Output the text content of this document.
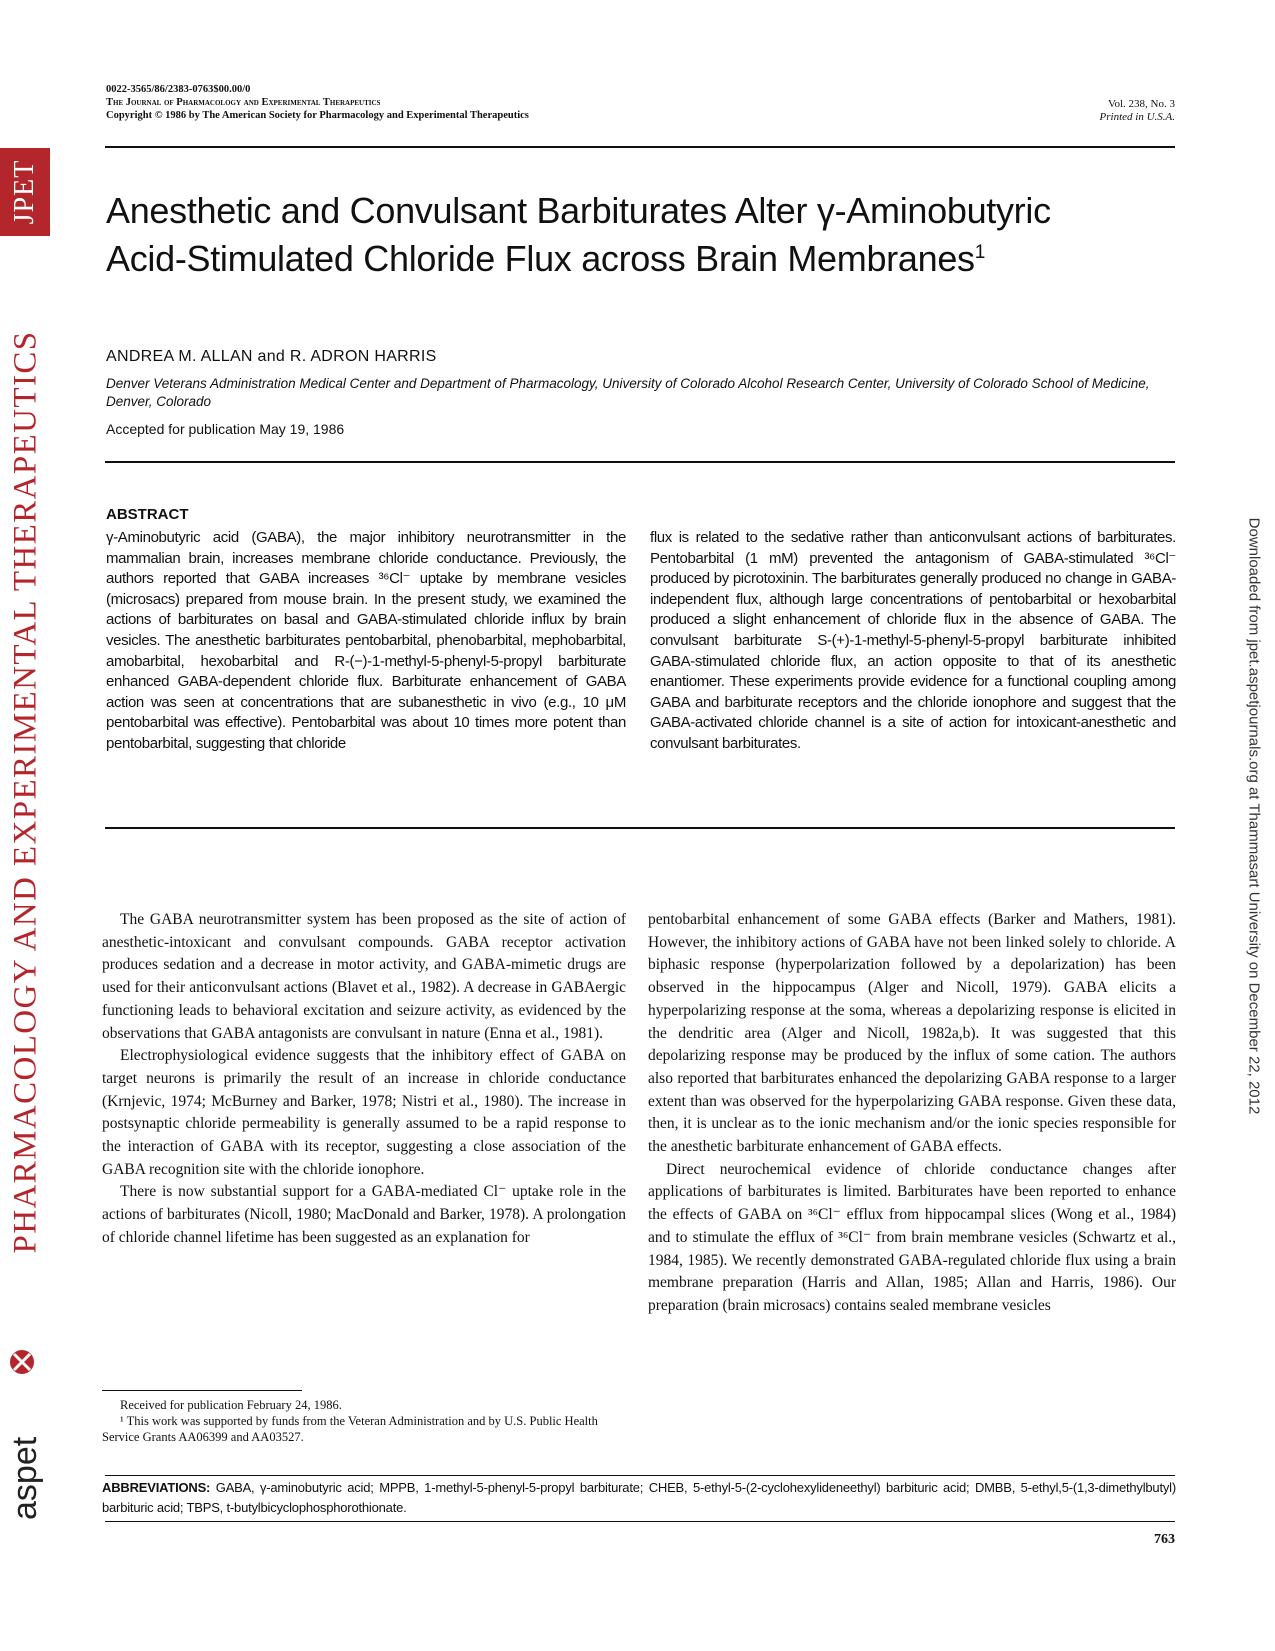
JPET
PHARMACOLOGY AND EXPERIMENTAL THERAPEUTICS
aspet
Downloaded from jpet.aspetjournals.org at Thammasart University on December 22, 2012
0022-3565/86/2383-0763$00.00/0
The Journal of Pharmacology and Experimental Therapeutics
Copyright © 1986 by The American Society for Pharmacology and Experimental Therapeutics
Vol. 238, No. 3
Printed in U.S.A.
Anesthetic and Convulsant Barbiturates Alter γ-Aminobutyric
Acid-Stimulated Chloride Flux across Brain Membranes$^1$
ANDREA M. ALLAN and R. ADRON HARRIS
Denver Veterans Administration Medical Center and Department of Pharmacology, University of Colorado Alcohol Research Center, University of Colorado School of Medicine, Denver, Colorado
Accepted for publication May 19, 1986
ABSTRACT

γ-Aminobutyric acid (GABA), the major inhibitory neurotransmitter in the mammalian brain, increases membrane chloride conductance. Previously, the authors reported that GABA increases ³⁶Cl⁻ uptake by membrane vesicles (microsacs) prepared from mouse brain. In the present study, we examined the actions of barbiturates on basal and GABA-stimulated chloride influx by brain vesicles. The anesthetic barbiturates pentobarbital, phenobarbital, mephobarbital, amobarbital, hexobarbital and R-(−)-1-methyl-5-phenyl-5-propyl barbiturate enhanced GABA-dependent chloride flux. Barbiturate enhancement of GABA action was seen at concentrations that are subanesthetic in vivo (e.g., 10 μM pentobarbital was effective). Pentobarbital was about 10 times more potent than pentobarbital, suggesting that chloride

flux is related to the sedative rather than anticonvulsant actions of barbiturates. Pentobarbital (1 mM) prevented the antagonism of GABA-stimulated ³⁶Cl⁻ produced by picrotoxinin. The barbiturates generally produced no change in GABA-independent flux, although large concentrations of pentobarbital or hexobarbital produced a slight enhancement of chloride flux in the absence of GABA. The convulsant barbiturate S-(+)-1-methyl-5-phenyl-5-propyl barbiturate inhibited GABA-stimulated chloride flux, an action opposite to that of its anesthetic enantiomer. These experiments provide evidence for a functional coupling among GABA and barbiturate receptors and the chloride ionophore and suggest that the GABA-activated chloride channel is a site of action for intoxicant-anesthetic and convulsant barbiturates.

The GABA neurotransmitter system has been proposed as the site of action of anesthetic-intoxicant and convulsant compounds. GABA receptor activation produces sedation and a decrease in motor activity, and GABA-mimetic drugs are used for their anticonvulsant actions (Blavet et al., 1982). A decrease in GABAergic functioning leads to behavioral excitation and seizure activity, as evidenced by the observations that GABA antagonists are convulsant in nature (Enna et al., 1981).

Electrophysiological evidence suggests that the inhibitory effect of GABA on target neurons is primarily the result of an increase in chloride conductance (Krnjevic, 1974; McBurney and Barker, 1978; Nistri et al., 1980). The increase in postsynaptic chloride permeability is generally assumed to be a rapid response to the interaction of GABA with its receptor, suggesting a close association of the GABA recognition site with the chloride ionophore.

There is now substantial support for a GABA-mediated Cl⁻ uptake role in the actions of barbiturates (Nicoll, 1980; MacDonald and Barker, 1978). A prolongation of chloride channel lifetime has been suggested as an explanation for

pentobarbital enhancement of some GABA effects (Barker and Mathers, 1981). However, the inhibitory actions of GABA have not been linked solely to chloride. A biphasic response (hyperpolarization followed by a depolarization) has been observed in the hippocampus (Alger and Nicoll, 1979). GABA elicits a hyperpolarizing response at the soma, whereas a depolarizing response is elicited in the dendritic area (Alger and Nicoll, 1982a,b). It was suggested that this depolarizing response may be produced by the influx of some cation. The authors also reported that barbiturates enhanced the depolarizing GABA response to a larger extent than was observed for the hyperpolarizing GABA response. Given these data, then, it is unclear as to the ionic mechanism and/or the ionic species responsible for the anesthetic barbiturate enhancement of GABA effects.

Direct neurochemical evidence of chloride conductance changes after applications of barbiturates is limited. Barbiturates have been reported to enhance the effects of GABA on ³⁶Cl⁻ efflux from hippocampal slices (Wong et al., 1984) and to stimulate the efflux of ³⁶Cl⁻ from brain membrane vesicles (Schwartz et al., 1984, 1985). We recently demonstrated GABA-regulated chloride flux using a brain membrane preparation (Harris and Allan, 1985; Allan and Harris, 1986). Our preparation (brain microsacs) contains sealed membrane vesicles

Received for publication February 24, 1986.

¹ This work was supported by funds from the Veteran Administration and by U.S. Public Health Service Grants AA06399 and AA03527.

ABBREVIATIONS: GABA, γ-aminobutyric acid; MPPB, 1-methyl-5-phenyl-5-propyl barbiturate; CHEB, 5-ethyl-5-(2-cyclohexylideneethyl) barbituric acid; DMBB, 5-ethyl,5-(1,3-dimethylbutyl) barbituric acid; TBPS, t-butylbicyclophosphorothionate.
763
